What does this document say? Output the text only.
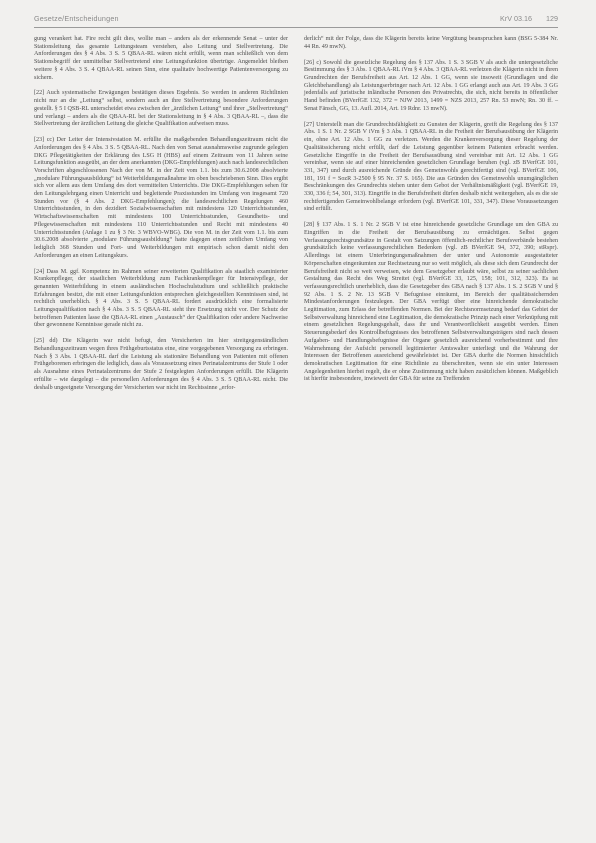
Gesetze/Entscheidungen	KrV 03.16 129

gung verankert hat. Fire recht gilt dies, wollte man – anders als der erkennende Senat – unter der Stationsleitung das gesamte Leitungsteam verstehen, also Leitung und Stellvertretung. Die Anforderungen des § 4 Abs. 3 S. 5 QBAA-RL wären nicht erfüllt, wenn man schließlich von dem Stationsbegriff der unmittelbar Stellvertretend eine Leitungsfunktion übertrüge. Angemeldet bleiben weitere § 4 Abs. 3 S. 4 QBAA-RL seinen Sinn, eine qualitativ hochwertige Patientenversorgung zu sichern.

[22] Auch systematische Erwägungen bestätigen dieses Ergebnis. So werden in anderen Richtlinien nicht nur an die „Leitung“ selbst, sondern auch an ihre Stellvertretung besondere Anforderungen gestellt. § 5 I QSB-RL unterscheidet etwa zwischen der „ärztlichen Leitung“ und ihrer „Stellvertretung“ und verlangt – anders als die QBAA-RL bei der Stationsleitung in § 4 Abs. 3 QBAA-RL –, dass die Stellvertretung der ärztlichen Leitung die gleiche Qualifikation aufweisen muss.

[23] cc) Der Leiter der Intensivstation M. erfüllte die maßgebenden Behandlungszeitraum nicht die Anforderungen des § 4 Abs. 3 S. 5 QBAA-RL. Nach den von Senat ausnahmsweise zugrunde gelegten DKG Pflegetätigkeiten der Erklärung des LSG H (HBS) auf einem Zeitraum von 11 Jahren seine Leitungsfunktion ausgeübt, an der dem anerkannten (DKG-Empfehlungen) auch nach landesrechtlichen Vorschriften abgeschlossenen Nach der von M. in der Zeit vom 1.1. bis zum 30.6.2008 absolvierte „modulare Führungsausbildung“ ist Weiterbildungsmaßnahme im oben beschriebenen Sinn. Dies ergibt sich vor allem aus dem Umfang des dort vermittelten Unterrichts. Die DKG-Empfehlungen sehen für den Leitungslehrgang einen Unterricht und begleitende Praxisstunden im Umfang von insgesamt 720 Stunden vor (§ 4 Abs. 2 DKG-Empfehlungen); die landesrechtlichen Regelungen 460 Unterrichtsstunden, in den dezidiert Sozialwissenschaften mit mindestens 120 Unterrichtsstunden, Wirtschaftswissenschaften mit mindestens 100 Unterrichtsstunden, Gesundheits- und Pflegewissenschaften mit mindestens 110 Unterrichtsstunden und Recht mit mindestens 40 Unterrichtsstunden (Anlage 1 zu § 3 Nr. 3 WBVO-WBG). Die von M. in der Zeit vom 1.1. bis zum 30.6.2008 absolvierte „modulare Führungsausbildung“ hatte dagegen einen zeitlichen Umfang von lediglich 368 Stunden und Fort- und Weiterbildungen mit empirisch schon damit nicht den Anforderungen an einen Leitungskurs.

[24] Dass M. ggf. Kompetenz im Rahmen seiner erweiterten Qualifikation als staatlich examinierter Krankenpfleger, der staatlichen Weiterbildung zum Fachkrankenpfleger für Intensivpflege, der genannten Weiterbildung in einem ausländischen Hochschulstudium und schließlich praktische Erfahrungen besitzt, die mit einer Leitungsfunktion entsprechen gleichgestellten Kenntnissen sind, ist rechtlich unerheblich. § 4 Abs. 3 S. 5 QBAA-RL fordert ausdrücklich eine formalisierte Leitungsqualifikation nach § 4 Abs. 3 S. 5 QBAA-RL sieht ihre Ersetzung nicht vor. Der Schutz der betroffenen Patienten lasse die QBAA-RL einen „Austausch“ der Qualifikation oder andere Nachweise über gewonnene Kenntnisse gerade nicht zu.

[25] dd) Die Klägerin war nicht befugt, den Versicherten im hier streitgegenständlichen Behandlungszeitraum wegen ihres Frühgeburtsstatus eine, eine vorgegebenen Versorgung zu erbringen. Nach § 3 Abs. 1 QBAA-RL darf die Leistung als stationäre Behandlung von Patienten mit offenen Frühgeborenen erbringen die lediglich, dass als Voraussetzung eines Perinatalzentrums der Stufe 1 oder als Ausnahme eines Perinatalzentrums der Stufe 2 festgelegten Anforderungen erfüllt. Die Klägerin erfüllte – wie dargelegt – die personellen Anforderungen des § 4 Abs. 3 S. 5 QBAA-RL nicht. Die deshalb ungeeignete Versorgung der Versicherten war nicht im Rechtssinne „erfor-

derlich“ mit der Folge, dass die Klägerin bereits keine Vergütung beanspruchen kann (BSG 5-384 Nr. 44 Rn. 49 mwN).

[26] c) Sowohl die gesetzliche Regelung des § 137 Abs. 1 S. 3 SGB V als auch die untergesetzliche Bestimmung des § 3 Abs. 1 QBAA-RL iVm § 4 Abs. 3 QBAA-RL verletzen die Klägerin nicht in ihren Grundrechten der Berufsfreiheit aus Art. 12 Abs. 1 GG, wenn sie insoweit (Grundlagen und die Gleichbehandlung) als Leistungserbringer nach Art. 12 Abs. 1 GG erlangt auch aus Art. 19 Abs. 3 GG jedenfalls auf juristische inländische Personen des Privatrechts, die sich, nicht bereits in öffentlicher Hand befinden (BVerfGE 132, 372 = NJW 2013, 1499 = NZS 2013, 257 Rn. 53 mwN; Rn. 30 ff. – Senat Fänsch, GG, 13. Aufl. 2014, Art. 19 Rdnr. 13 mwN).

[27] Unterstellt man die Grundrechtsfähigkeit zu Gunsten der Klägerin, greift die Regelung des § 137 Abs. 1 S. 1 Nr. 2 SGB V iVm § 3 Abs. 1 QBAA-RL in die Freiheit der Berufsausübung der Klägerin ein, ohne Art. 12 Abs. 1 GG zu verletzen. Werden die Krankenversorgung dieser Regelung der Qualitätssicherung nicht erfüllt, darf die Leistung gegenüber keinem Patienten erbracht werden. Gesetzliche Eingriffe in die Freiheit der Berufsausübung sind vereinbar mit Art. 12 Abs. 1 GG vereinbar, wenn sie auf einer hinreichenden gesetzlichen Grundlage beruhen (vgl. zB BVerfGE 101, 331, 347) und durch ausreichende Gründe des Gemeinwohls gerechtfertigt sind (vgl. BVerfGE 106, 181, 191 f = SozR 3-2500 § 95 Nr. 37 S. 165). Die aus Gründen des Gemeinwohls unumgänglichen Beschränkungen des Grundrechts stehen unter dem Gebot der Verhältnismäßigkeit (vgl. BVerfGE 19, 330, 336 f; 54, 301, 313). Eingriffe in die Berufsfreiheit dürfen deshalb nicht weitergehen, als es die sie rechtfertigenden Gemeinwohlbelange erfordern (vgl. BVerfGE 101, 331, 347). Diese Voraussetzungen sind erfüllt.

[28] § 137 Abs. 1 S. 1 Nr. 2 SGB V ist eine hinreichende gesetzliche Grundlage um den GBA zu Eingriffen in die Freiheit der Berufsausübung zu ermächtigen. Selbst gegen Verfassungsrechtsgrundsätze in Gestalt von Satzungen öffentlich-rechtlicher Berufsverbände bestehen grundsätzlich keine verfassungsrechtlichen Bedenken (vgl. zB BVerfGE 94, 372, 390; stRspr). Allerdings ist einem Unterbringungsmaßnahmen der unter und Autonomie ausgestatteter Körperschaften eingeräumten zur Rechtsetzung nur so weit möglich, als diese sich dem Grundrecht der Berufsfreiheit nicht so weit verweisen, wie dem Gesetzgeber erlaubt wäre, selbst zu seiner sachlichen Gestaltung das Recht des Weg Streitet (vgl. BVerfGE 33, 125, 158; 101, 312, 323). Es ist verfassungsrechtlich unerheblich, dass die Gesetzgeber des GBA nach § 137 Abs. 1 S. 2 SGB V und § 92 Abs. 1 S. 2 Nr. 13 SGB V Befugnisse einräumt, im Bereich der qualitätssichernden Mindestanforderungen festzulegen. Der GBA verfügt über eine hinreichende demokratische Legitimation, zum Erlass der betreffenden Normen. Bei der Rechtsnormsetzung bedarf das Gebiet der Selbstverwaltung hinreichend eine Legitimation, die demokratische Prinzip nach einer Verknüpfung mit einem gesetzlichen Regelungsgehalt, dass ihr und Verantwortlichkeit ausgeübt werden. Einen Steuerungsbedarf des Kontrollbefugnisses des betroffenen Selbstverwaltungsträgers sind nach dessen Aufgaben- und Handlungsbefugnisse der Organe gesetzlich ausreichend vorherbestimmt und ihre Wahrnehmung der Aufsicht personell legitimierter Amtswalter unterliegt und die Wahrung der Interessen der Betroffenen ausreichend gewährleistet ist. Der GBA durfte die Normen hinsichtlich demokratischen Legitimation für eine Richtlinie zu überschreiten, wenn sie ein unter Interessen Angelegenheiten hierbei regelt, die er ohne Zustimmung nicht haben zusätzlichen können. Maßgeblich ist hierfür insbesondere, inwieweit der GBA für seine zu Treffenden
